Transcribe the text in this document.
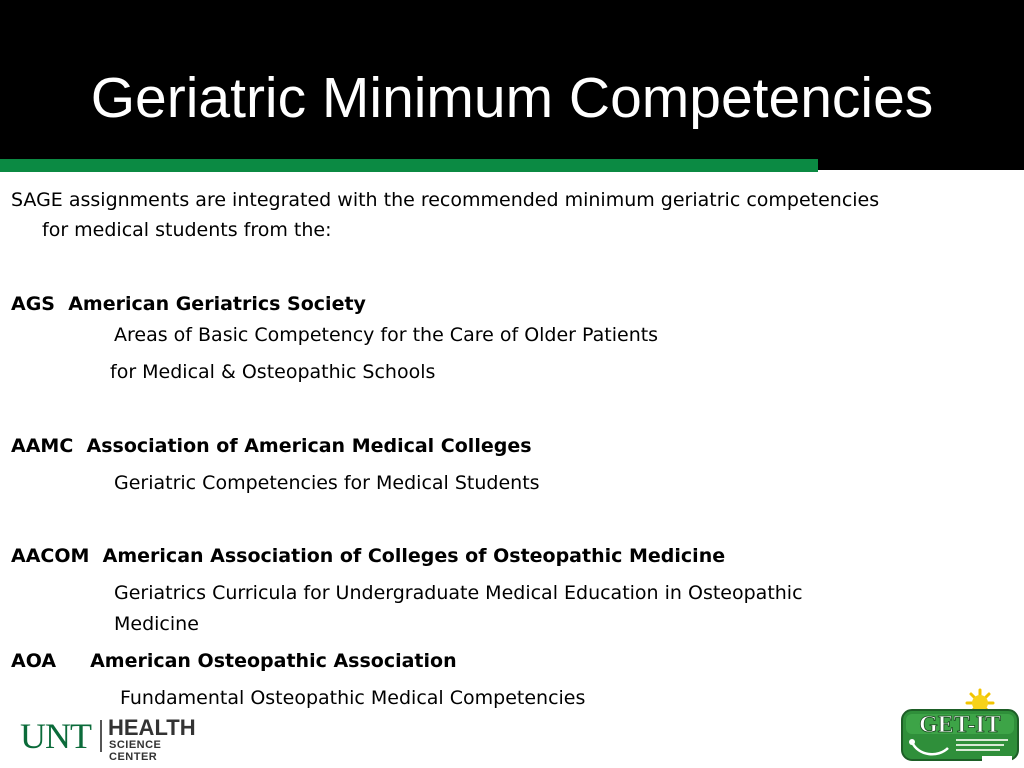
Geriatric Minimum Competencies
SAGE assignments are integrated with the recommended minimum geriatric competencies
for medical students from the:
AGS American Geriatrics Society
Areas of Basic Competency for the Care of Older Patients
for Medical & Osteopathic Schools
AAMC Association of American Medical Colleges
Geriatric Competencies for Medical Students
AACOM American Association of Colleges of Osteopathic Medicine
Geriatrics Curricula for Undergraduate Medical Education in Osteopathic
Medicine
AOA American Osteopathic Association
Fundamental Osteopathic Medical Competencies
UNT HEALTH
SCIENCE CENTER
GET-IT
